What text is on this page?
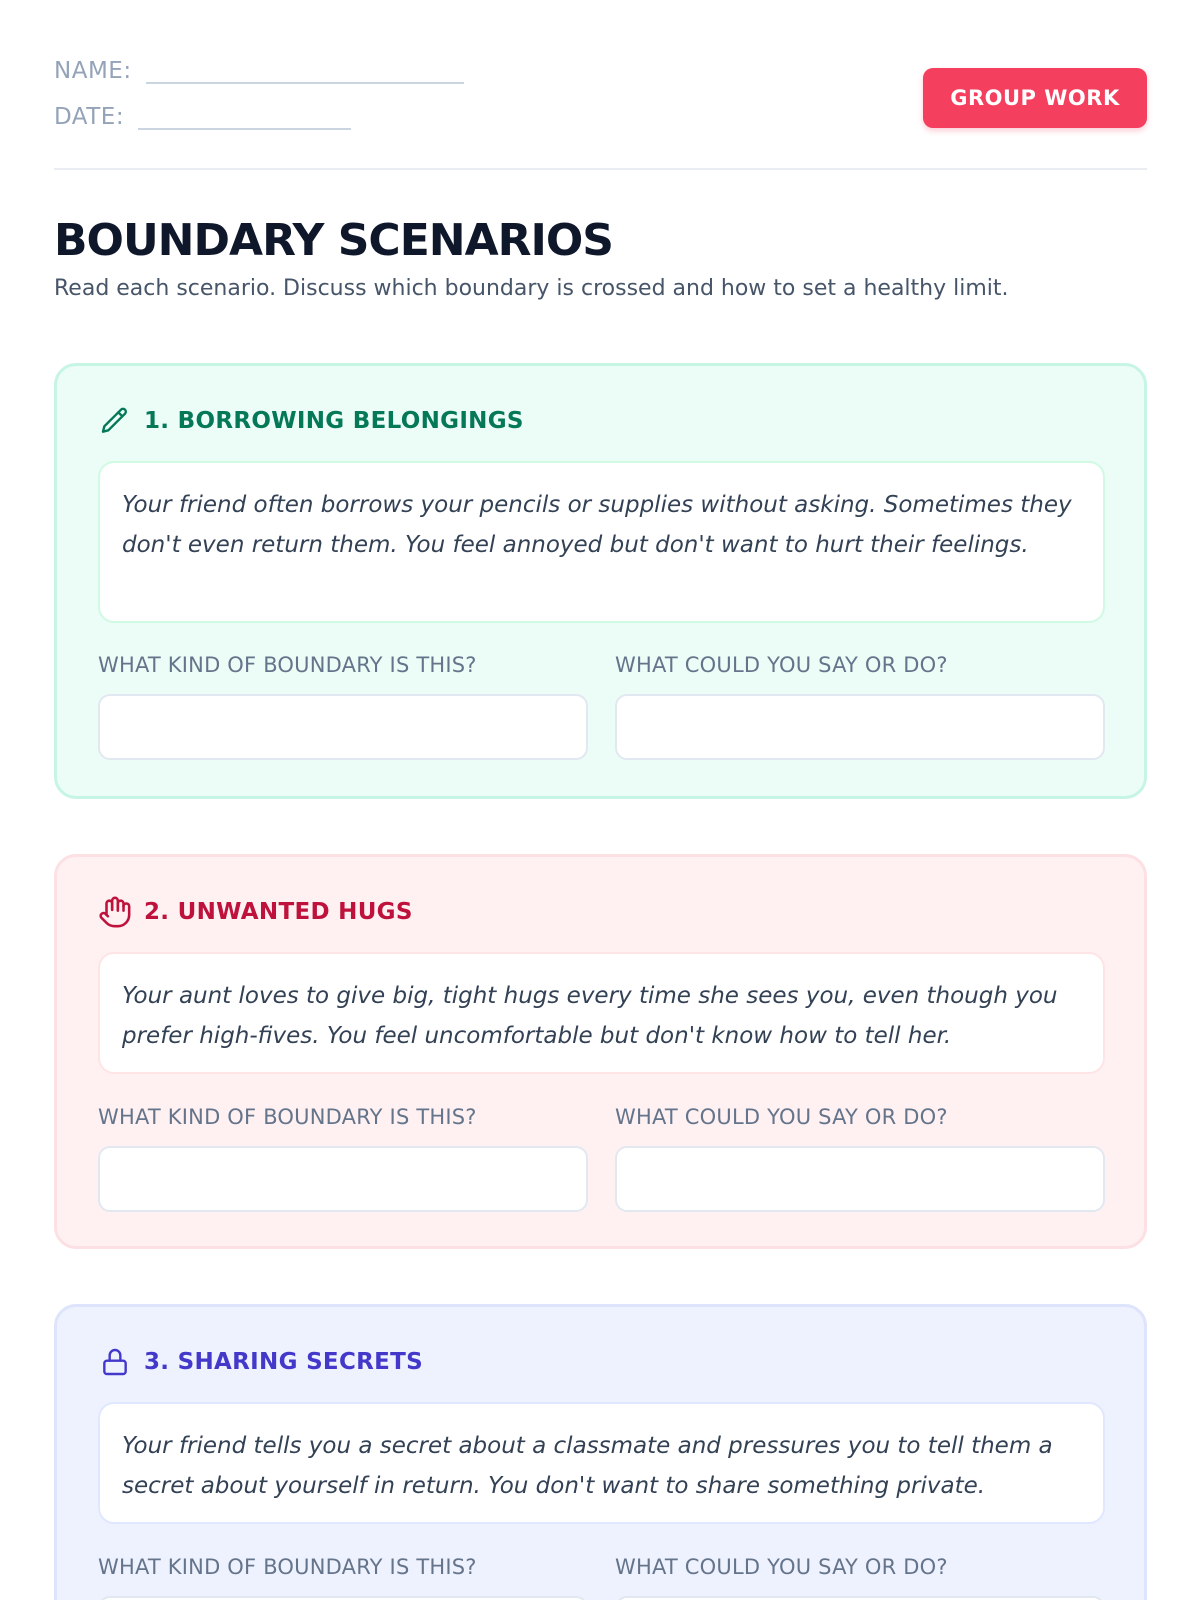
NAME:
DATE:
GROUP WORK
BOUNDARY SCENARIOS

Read each scenario. Discuss which boundary is crossed and how to set a healthy limit.

1. BORROWING BELONGINGS
Your friend often borrows your pencils or supplies without asking. Sometimes they don't even return them. You feel annoyed but don't want to hurt their feelings.
WHAT KIND OF BOUNDARY IS THIS?	WHAT COULD YOU SAY OR DO?
2. UNWANTED HUGS
Your aunt loves to give big, tight hugs every time she sees you, even though you prefer high-fives. You feel uncomfortable but don't know how to tell her.
WHAT KIND OF BOUNDARY IS THIS?	WHAT COULD YOU SAY OR DO?
3. SHARING SECRETS
Your friend tells you a secret about a classmate and pressures you to tell them a secret about yourself in return. You don't want to share something private.
WHAT KIND OF BOUNDARY IS THIS?	WHAT COULD YOU SAY OR DO?
